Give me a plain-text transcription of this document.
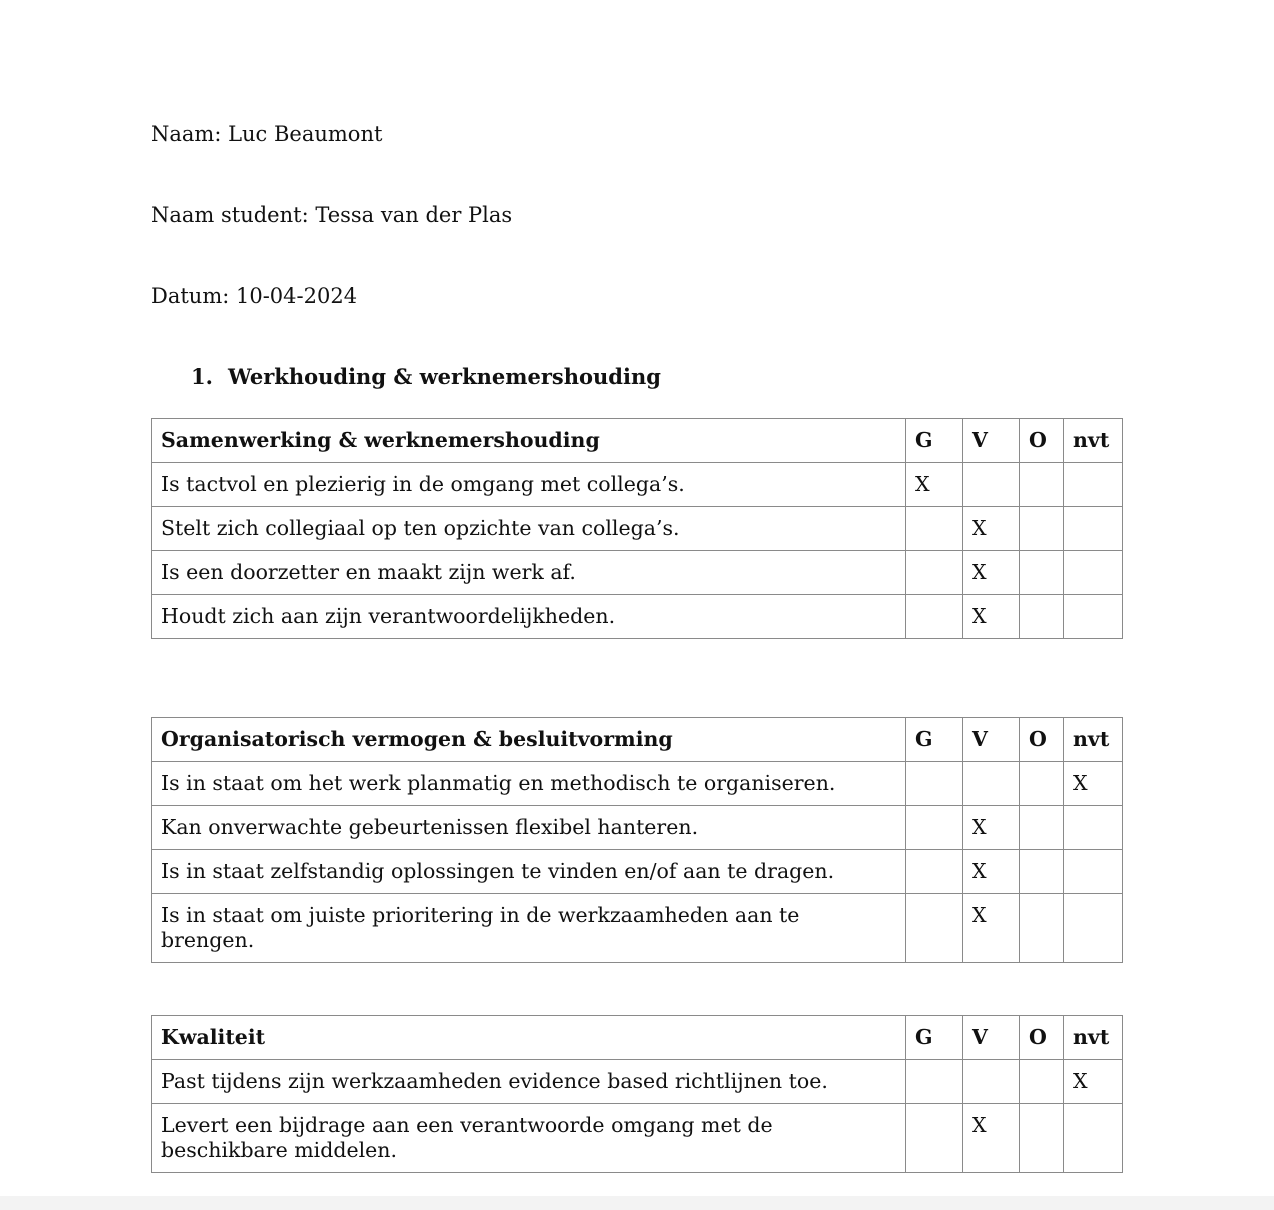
Naam: Luc Beaumont
Naam student: Tessa van der Plas
Datum: 10-04-2024
1. Werkhouding & werknemershouding
Samenwerking & werknemershouding	G	V	O	nvt
Is tactvol en plezierig in de omgang met collega’s.	X			
Stelt zich collegiaal op ten opzichte van collega’s.		X		
Is een doorzetter en maakt zijn werk af.		X		
Houdt zich aan zijn verantwoordelijkheden.		X		
Organisatorisch vermogen & besluitvorming	G	V	O	nvt
Is in staat om het werk planmatig en methodisch te organiseren.				X
Kan onverwachte gebeurtenissen flexibel hanteren.		X		
Is in staat zelfstandig oplossingen te vinden en/of aan te dragen.		X		
Is in staat om juiste prioritering in de werkzaamheden aan te brengen.		X		
Kwaliteit	G	V	O	nvt
Past tijdens zijn werkzaamheden evidence based richtlijnen toe.				X
Levert een bijdrage aan een verantwoorde omgang met de beschikbare middelen.		X		
